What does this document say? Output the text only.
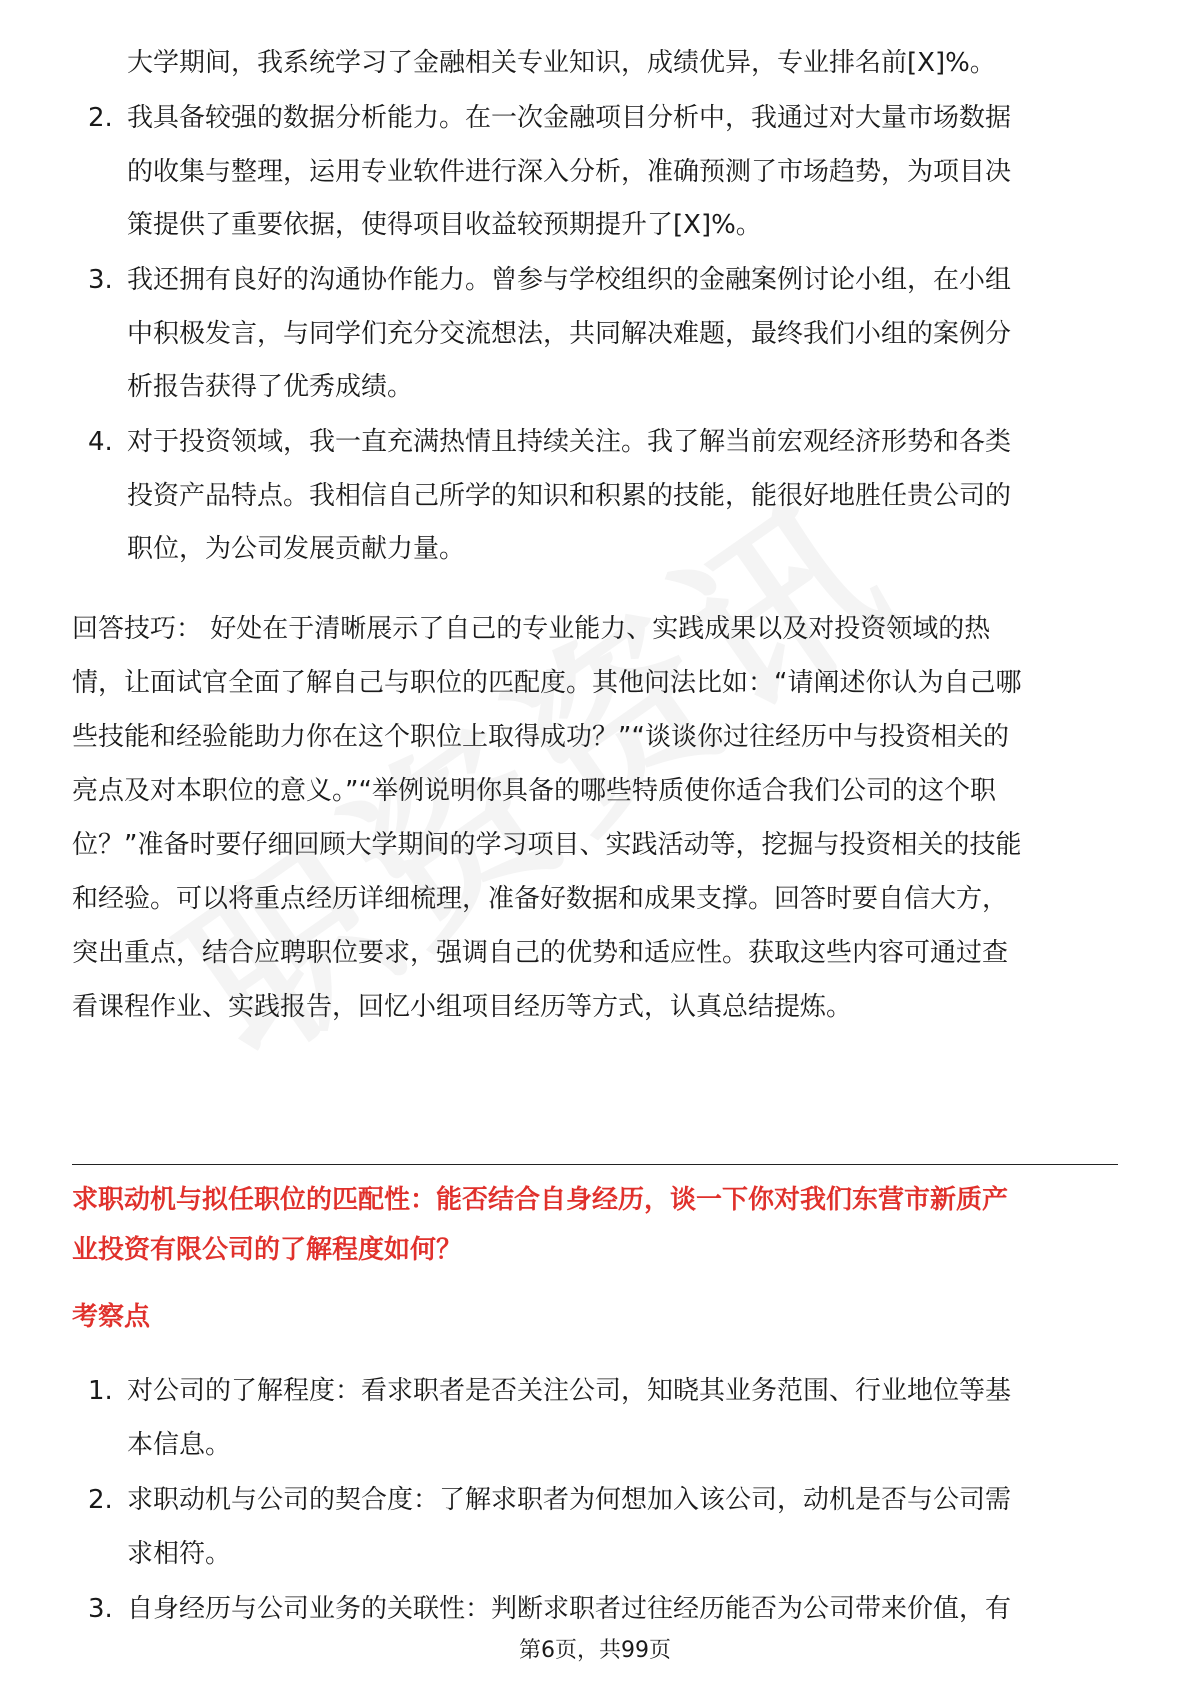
大学期间，我系统学习了金融相关专业知识，成绩优异，专业排名前[X]%。
2. 我具备较强的数据分析能力。在一次金融项目分析中，我通过对大量市场数据
的收集与整理，运用专业软件进行深入分析，准确预测了市场趋势，为项目决
策提供了重要依据，使得项目收益较预期提升了[X]%。
3. 我还拥有良好的沟通协作能力。曾参与学校组织的金融案例讨论小组，在小组
中积极发言，与同学们充分交流想法，共同解决难题，最终我们小组的案例分
析报告获得了优秀成绩。
4. 对于投资领域，我一直充满热情且持续关注。我了解当前宏观经济形势和各类
投资产品特点。我相信自己所学的知识和积累的技能，能很好地胜任贵公司的
职位，为公司发展贡献力量。
回答技巧： 好处在于清晰展示了自己的专业能力、实践成果以及对投资领域的热
情，让面试官全面了解自己与职位的匹配度。其他问法比如：“请阐述你认为自己哪
些技能和经验能助力你在这个职位上取得成功？”“谈谈你过往经历中与投资相关的
亮点及对本职位的意义。”“举例说明你具备的哪些特质使你适合我们公司的这个职
位？”准备时要仔细回顾大学期间的学习项目、实践活动等，挖掘与投资相关的技能
和经验。可以将重点经历详细梳理，准备好数据和成果支撑。回答时要自信大方，
突出重点，结合应聘职位要求，强调自己的优势和适应性。获取这些内容可通过查
看课程作业、实践报告，回忆小组项目经历等方式，认真总结提炼。
求职动机与拟任职位的匹配性：能否结合自身经历，谈一下你对我们东营市新质产
业投资有限公司的了解程度如何？
考察点
1. 对公司的了解程度：看求职者是否关注公司，知晓其业务范围、行业地位等基
本信息。
2. 求职动机与公司的契合度：了解求职者为何想加入该公司，动机是否与公司需
求相符。
3. 自身经历与公司业务的关联性：判断求职者过往经历能否为公司带来价值，有
第6页，共99页
